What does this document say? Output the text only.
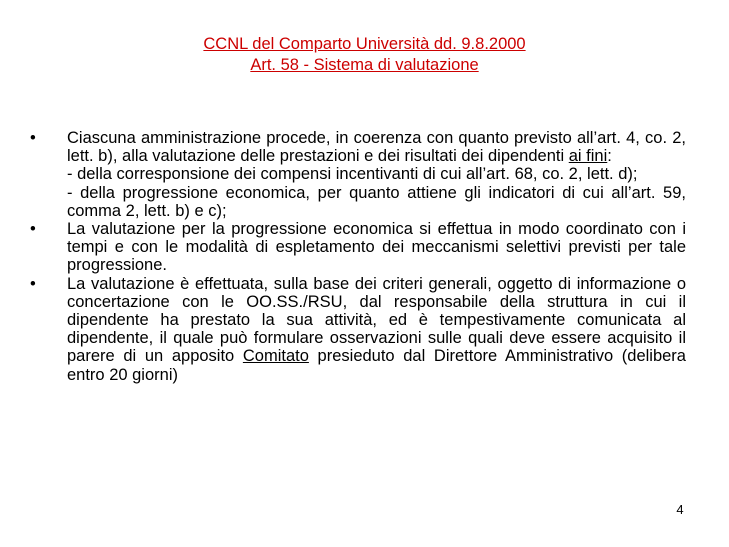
CCNL del Comparto Università dd. 9.8.2000
Art. 58 - Sistema di valutazione
•	Ciascuna amministrazione procede, in coerenza con quanto previsto all’art. 4, co. 2, lett. b), alla valutazione delle prestazioni e dei risultati dei dipendenti ai fini:
- della corresponsione dei compensi incentivanti di cui all’art. 68, co. 2, lett. d);
- della progressione economica, per quanto attiene gli indicatori di cui all’art. 59, comma 2, lett. b) e c);
•	La valutazione per la progressione economica si effettua in modo coordinato con i tempi e con le modalità di espletamento dei meccanismi selettivi previsti per tale progressione.
•	La valutazione è effettuata, sulla base dei criteri generali, oggetto di informazione o concertazione con le OO.SS./RSU, dal responsabile della struttura in cui il dipendente ha prestato la sua attività, ed è tempestivamente comunicata al dipendente, il quale può formulare osservazioni sulle quali deve essere acquisito il parere di un apposito Comitato presieduto dal Direttore Amministrativo (delibera entro 20 giorni)
4
